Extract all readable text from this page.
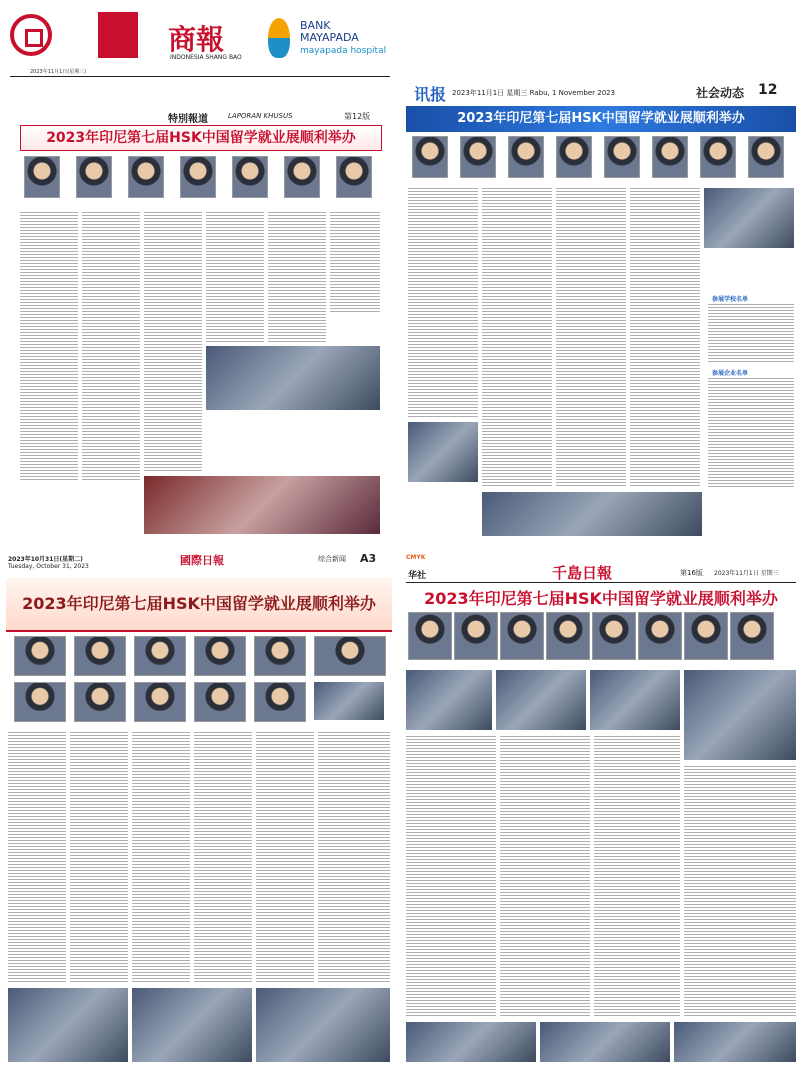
商報
INDONESIA SHANG BAO
BANK MAYAPADA
mayapada hospital
2023年11月1日(星期三)
特別報道	LAPORAN KHUSUS	第12版
2023年印尼第七届HSK中国留学就业展顺利举办
讯报 2023年11月1日 星期三 Rabu, 1 November 2023	社会动态 12
2023年印尼第七届HSK中国留学就业展顺利举办
参展学校名单
参展企业名单
2023年10月31日(星期二)
Tuesday, October 31, 2023	國際日報	综合新闻 A3
2023年印尼第七届HSK中国留学就业展顺利举办
CMYK
华社	千島日報	第16版 2023年11月1日 星期三
2023年印尼第七届HSK中国留学就业展顺利举办
